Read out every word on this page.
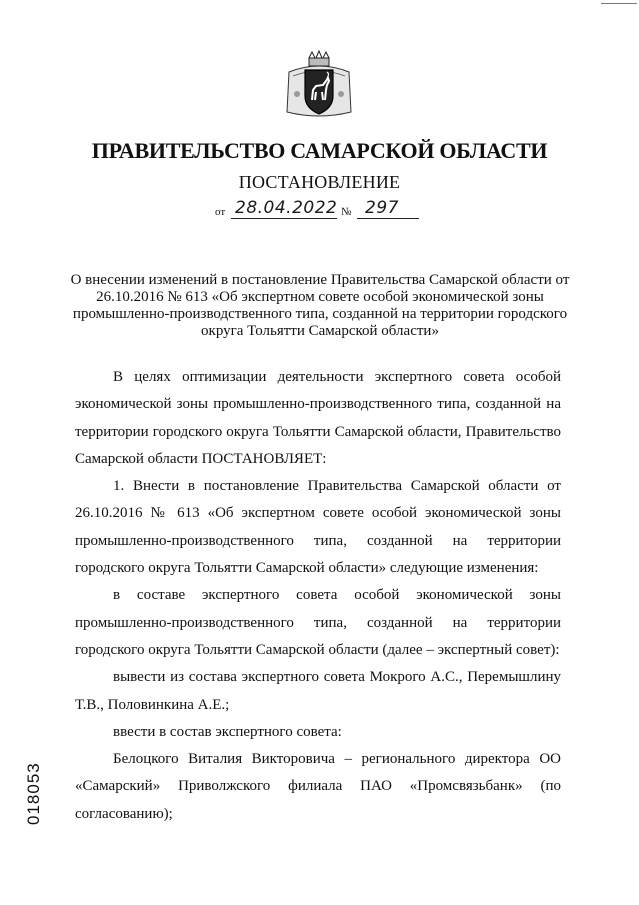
ПРАВИТЕЛЬСТВО САМАРСКОЙ ОБЛАСТИ
ПОСТАНОВЛЕНИЕ
от 28.04.2022 № 297
О внесении изменений в постановление Правительства Самарской области от 26.10.2016 № 613 «Об экспертном совете особой экономической зоны промышленно-производственного типа, созданной на территории городского округа Тольятти Самарской области»

В целях оптимизации деятельности экспертного совета особой экономической зоны промышленно-производственного типа, созданной на территории городского округа Тольятти Самарской области, Правительство Самарской области ПОСТАНОВЛЯЕТ:

1. Внести в постановление Правительства Самарской области от 26.10.2016 № 613 «Об экспертном совете особой экономической зоны промышленно-производственного типа, созданной на территории городского округа Тольятти Самарской области» следующие изменения:

в составе экспертного совета особой экономической зоны промышленно-производственного типа, созданной на территории городского округа Тольятти Самарской области (далее – экспертный совет):

вывести из состава экспертного совета Мокрого А.С., Перемышлину Т.В., Половинкина А.Е.;

ввести в состав экспертного совета:

Белоцкого Виталия Викторовича – регионального директора ОО «Самарский» Приволжского филиала ПАО «Промсвязьбанк» (по согласованию);

018053
